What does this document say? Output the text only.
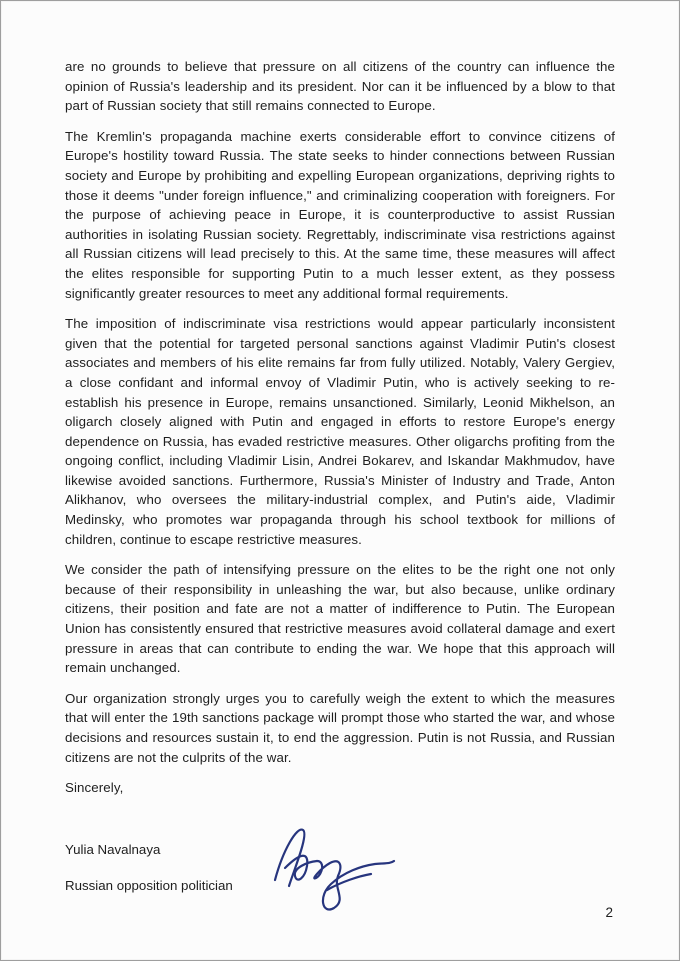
are no grounds to believe that pressure on all citizens of the country can influence the opinion of Russia's leadership and its president. Nor can it be influenced by a blow to that part of Russian society that still remains connected to Europe.

The Kremlin's propaganda machine exerts considerable effort to convince citizens of Europe's hostility toward Russia. The state seeks to hinder connections between Russian society and Europe by prohibiting and expelling European organizations, depriving rights to those it deems "under foreign influence," and criminalizing cooperation with foreigners. For the purpose of achieving peace in Europe, it is counterproductive to assist Russian authorities in isolating Russian society. Regrettably, indiscriminate visa restrictions against all Russian citizens will lead precisely to this. At the same time, these measures will affect the elites responsible for supporting Putin to a much lesser extent, as they possess significantly greater resources to meet any additional formal requirements.

The imposition of indiscriminate visa restrictions would appear particularly inconsistent given that the potential for targeted personal sanctions against Vladimir Putin's closest associates and members of his elite remains far from fully utilized. Notably, Valery Gergiev, a close confidant and informal envoy of Vladimir Putin, who is actively seeking to re-establish his presence in Europe, remains unsanctioned. Similarly, Leonid Mikhelson, an oligarch closely aligned with Putin and engaged in efforts to restore Europe's energy dependence on Russia, has evaded restrictive measures. Other oligarchs profiting from the ongoing conflict, including Vladimir Lisin, Andrei Bokarev, and Iskandar Makhmudov, have likewise avoided sanctions. Furthermore, Russia's Minister of Industry and Trade, Anton Alikhanov, who oversees the military-industrial complex, and Putin's aide, Vladimir Medinsky, who promotes war propaganda through his school textbook for millions of children, continue to escape restrictive measures.

We consider the path of intensifying pressure on the elites to be the right one not only because of their responsibility in unleashing the war, but also because, unlike ordinary citizens, their position and fate are not a matter of indifference to Putin. The European Union has consistently ensured that restrictive measures avoid collateral damage and exert pressure in areas that can contribute to ending the war. We hope that this approach will remain unchanged.

Our organization strongly urges you to carefully weigh the extent to which the measures that will enter the 19th sanctions package will prompt those who started the war, and whose decisions and resources sustain it, to end the aggression. Putin is not Russia, and Russian citizens are not the culprits of the war.

Sincerely,

Yulia Navalnaya
Russian opposition politician
2
